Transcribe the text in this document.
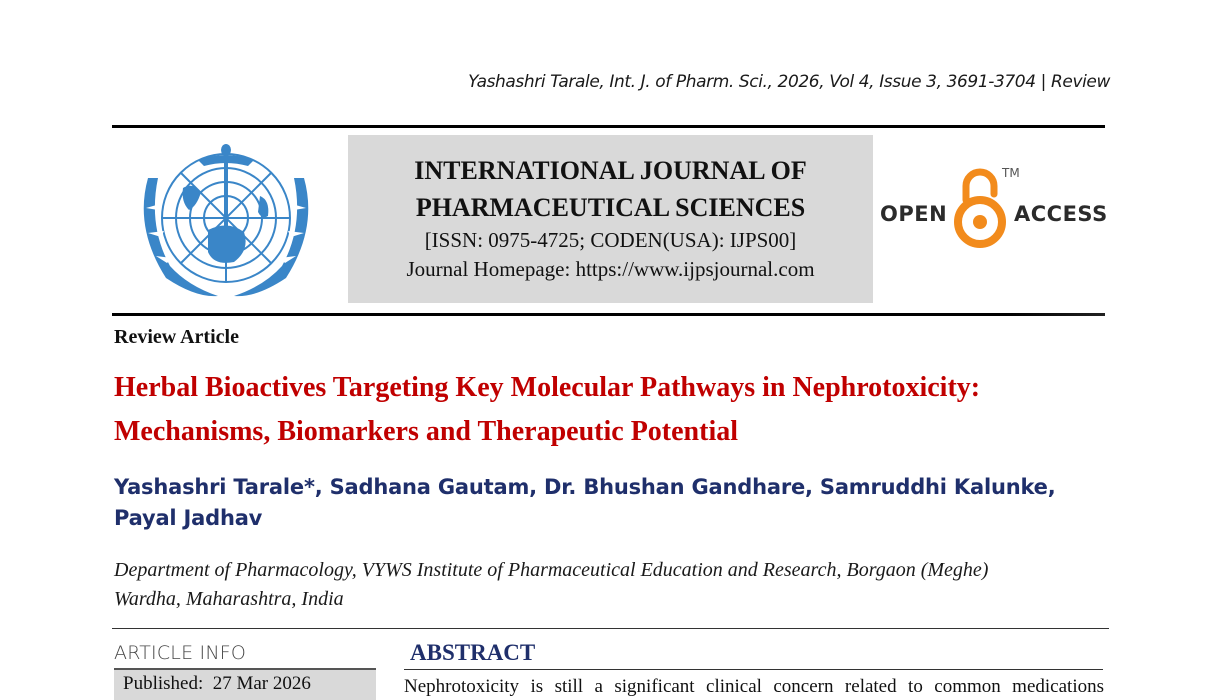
Yashashri Tarale, Int. J. of Pharm. Sci., 2026, Vol 4, Issue 3, 3691-3704 | Review
INTERNATIONAL JOURNAL OF
PHARMACEUTICAL SCIENCES
[ISSN: 0975-4725; CODEN(USA): IJPS00]
Journal Homepage: https://www.ijpsjournal.com
OPEN
TM
ACCESS
Review Article
Herbal Bioactives Targeting Key Molecular Pathways in Nephrotoxicity:
Mechanisms, Biomarkers and Therapeutic Potential
Yashashri Tarale*, Sadhana Gautam, Dr. Bhushan Gandhare, Samruddhi Kalunke,
Payal Jadhav
Department of Pharmacology, VYWS Institute of Pharmaceutical Education and Research, Borgaon (Meghe)
Wardha, Maharashtra, India
ARTICLE INFO
Published: 27 Mar 2026
ABSTRACT
Nephrotoxicity is still a significant clinical concern related to common medications
